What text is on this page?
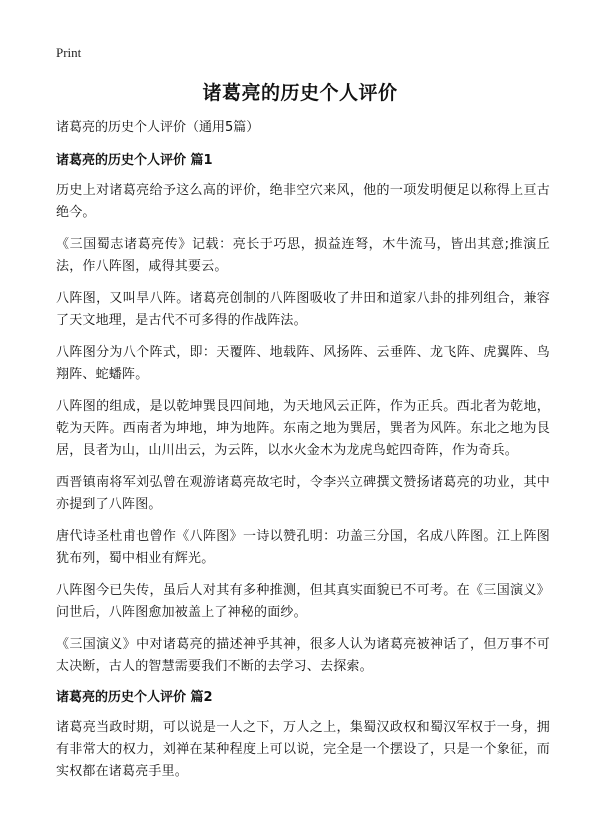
Print
诸葛亮的历史个人评价
诸葛亮的历史个人评价（通用5篇）
诸葛亮的历史个人评价 篇1

历史上对诸葛亮给予这么高的评价，绝非空穴来风，他的一项发明便足以称得上亘古绝今。

《三国蜀志诸葛亮传》记载：亮长于巧思，损益连弩，木牛流马，皆出其意;推演丘法，作八阵图，咸得其要云。

八阵图，又叫旱八阵。诸葛亮创制的八阵图吸收了井田和道家八卦的排列组合，兼容了天文地理，是古代不可多得的作战阵法。

八阵图分为八个阵式，即：天覆阵、地载阵、风扬阵、云垂阵、龙飞阵、虎翼阵、鸟翔阵、蛇蟠阵。

八阵图的组成，是以乾坤巽艮四间地，为天地风云正阵，作为正兵。西北者为乾地，乾为天阵。西南者为坤地，坤为地阵。东南之地为巽居，巽者为风阵。东北之地为艮居，艮者为山，山川出云，为云阵，以水火金木为龙虎鸟蛇四奇阵，作为奇兵。

西晋镇南将军刘弘曾在观游诸葛亮故宅时，令李兴立碑撰文赞扬诸葛亮的功业，其中亦提到了八阵图。

唐代诗圣杜甫也曾作《八阵图》一诗以赞孔明：功盖三分国，名成八阵图。江上阵图犹布列，蜀中相业有辉光。

八阵图今已失传，虽后人对其有多种推测，但其真实面貌已不可考。在《三国演义》问世后，八阵图愈加被盖上了神秘的面纱。

《三国演义》中对诸葛亮的描述神乎其神，很多人认为诸葛亮被神话了，但万事不可太决断，古人的智慧需要我们不断的去学习、去探索。

诸葛亮的历史个人评价 篇2

诸葛亮当政时期，可以说是一人之下，万人之上，集蜀汉政权和蜀汉军权于一身，拥有非常大的权力，刘禅在某种程度上可以说，完全是一个摆设了，只是一个象征，而实权都在诸葛亮手里。
